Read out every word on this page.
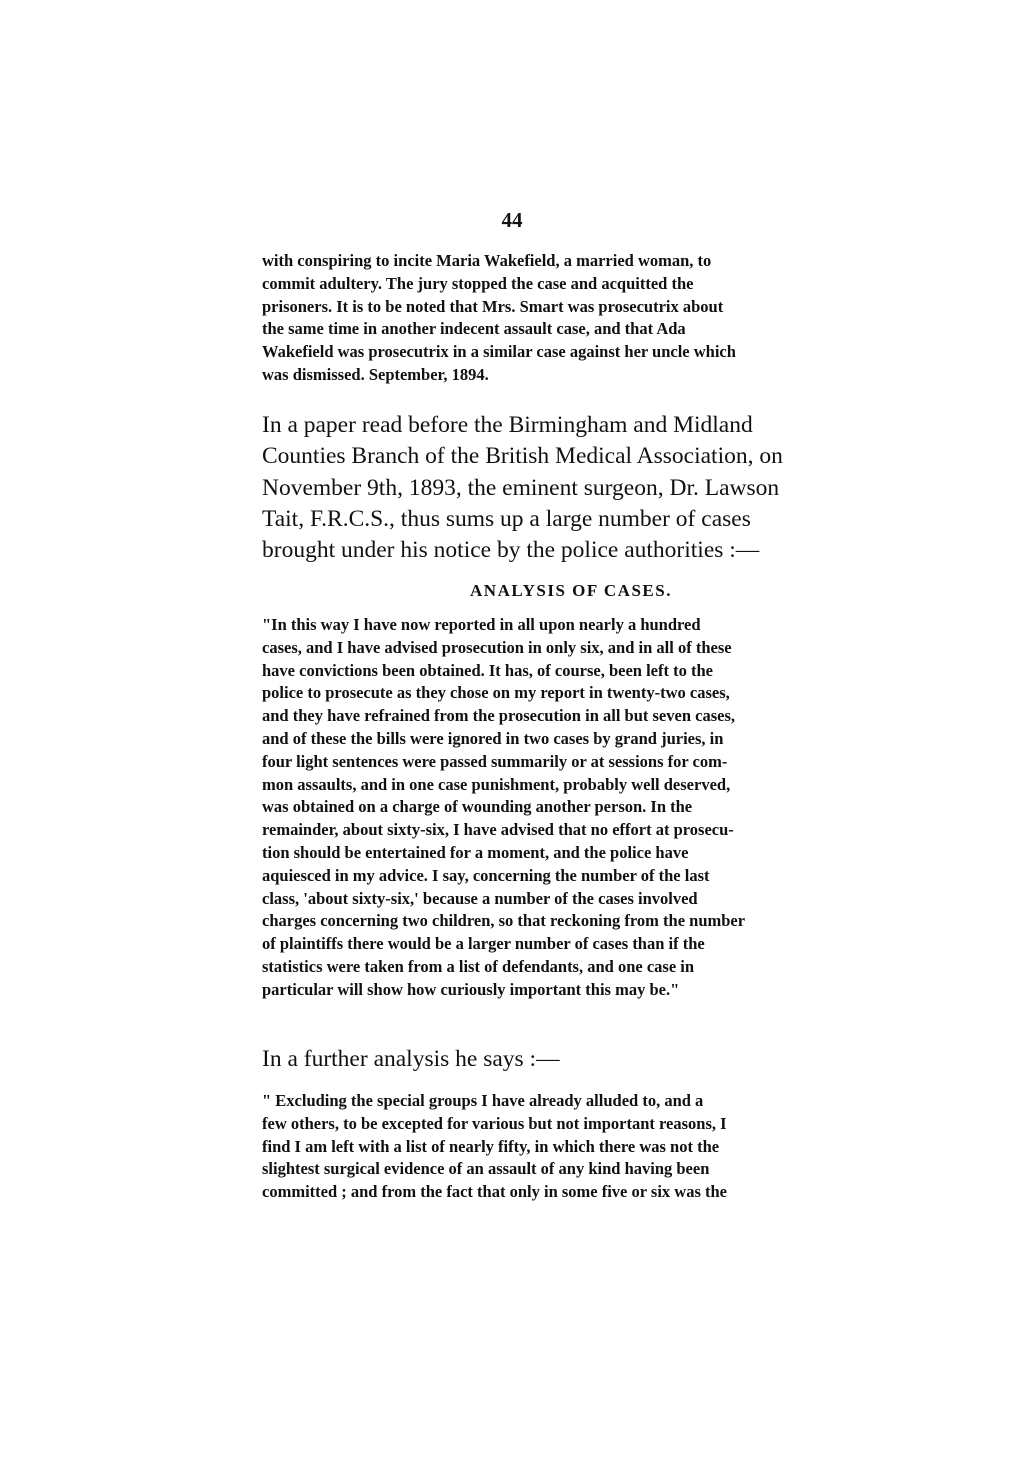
44

with conspiring to incite Maria Wakefield, a married woman, to
commit adultery. The jury stopped the case and acquitted the
prisoners. It is to be noted that Mrs. Smart was prosecutrix about
the same time in another indecent assault case, and that Ada
Wakefield was prosecutrix in a similar case against her uncle which
was dismissed. September, 1894.

In a paper read before the Birmingham and Midland
Counties Branch of the British Medical Association, on
November 9th, 1893, the eminent surgeon, Dr. Lawson
Tait, F.R.C.S., thus sums up a large number of cases
brought under his notice by the police authorities :—

ANALYSIS OF CASES.

"In this way I have now reported in all upon nearly a hundred
cases, and I have advised prosecution in only six, and in all of these
have convictions been obtained. It has, of course, been left to the
police to prosecute as they chose on my report in twenty-two cases,
and they have refrained from the prosecution in all but seven cases,
and of these the bills were ignored in two cases by grand juries, in
four light sentences were passed summarily or at sessions for com-
mon assaults, and in one case punishment, probably well deserved,
was obtained on a charge of wounding another person. In the
remainder, about sixty-six, I have advised that no effort at prosecu-
tion should be entertained for a moment, and the police have
aquiesced in my advice. I say, concerning the number of the last
class, 'about sixty-six,' because a number of the cases involved
charges concerning two children, so that reckoning from the number
of plaintiffs there would be a larger number of cases than if the
statistics were taken from a list of defendants, and one case in
particular will show how curiously important this may be."

In a further analysis he says :—

" Excluding the special groups I have already alluded to, and a
few others, to be excepted for various but not important reasons, I
find I am left with a list of nearly fifty, in which there was not the
slightest surgical evidence of an assault of any kind having been
committed ; and from the fact that only in some five or six was the
